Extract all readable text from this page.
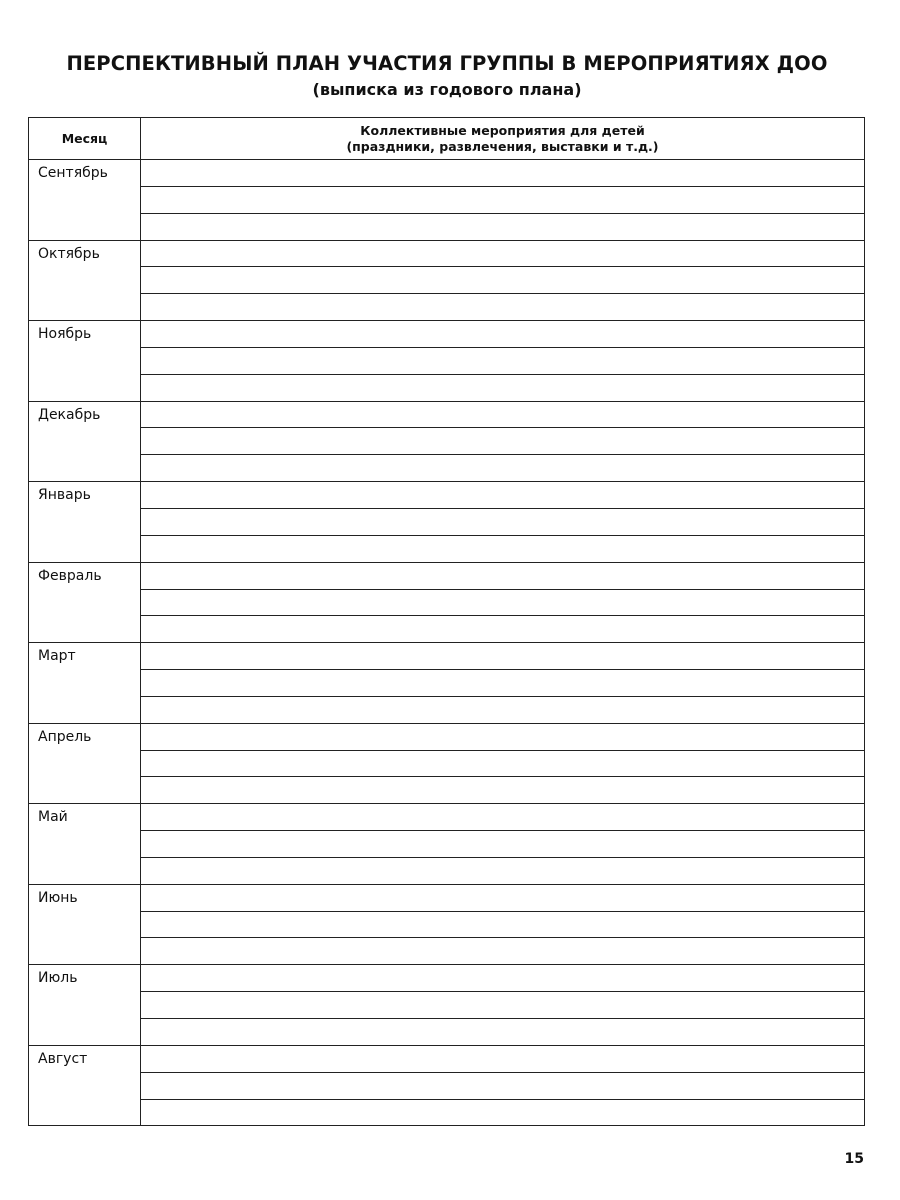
ПЕРСПЕКТИВНЫЙ ПЛАН УЧАСТИЯ ГРУППЫ В МЕРОПРИЯТИЯХ ДОО
(выписка из годового плана)
Месяц	Коллективные мероприятия для детей
(праздники, развлечения, выставки и т.д.)

Сентябрь	

Октябрь	

Ноябрь	

Декабрь	

Январь	

Февраль	

Март	

Апрель	

Май	

Июнь	

Июль	

Август	

15
